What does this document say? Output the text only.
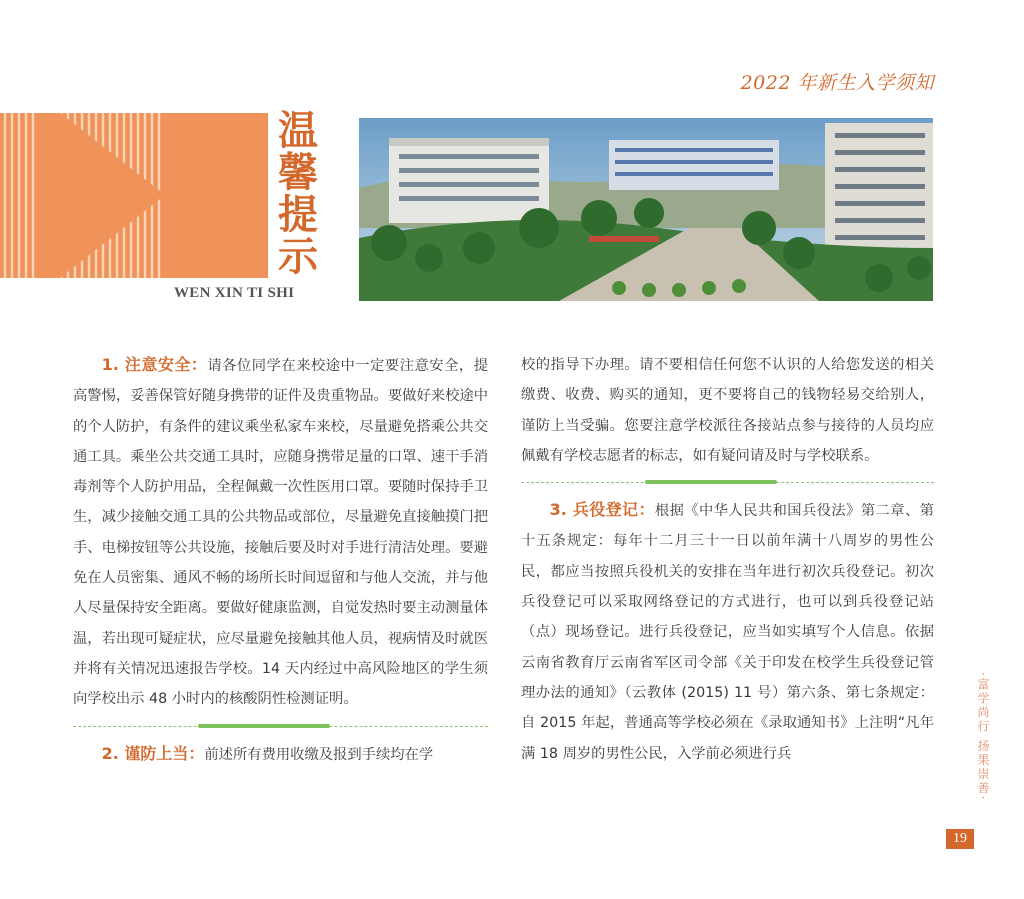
2022 年新生入学须知
温
馨
提
示
WEN XIN TI SHI

1. 注意安全：请各位同学在来校途中一定要注意安全，提高警惕，妥善保管好随身携带的证件及贵重物品。要做好来校途中的个人防护，有条件的建议乘坐私家车来校，尽量避免搭乘公共交通工具。乘坐公共交通工具时，应随身携带足量的口罩、速干手消毒剂等个人防护用品，全程佩戴一次性医用口罩。要随时保持手卫生，减少接触交通工具的公共物品或部位，尽量避免直接触摸门把手、电梯按钮等公共设施，接触后要及时对手进行清洁处理。要避免在人员密集、通风不畅的场所长时间逗留和与他人交流，并与他人尽量保持安全距离。要做好健康监测，自觉发热时要主动测量体温，若出现可疑症状，应尽量避免接触其他人员，视病情及时就医并将有关情况迅速报告学校。14 天内经过中高风险地区的学生须向学校出示 48 小时内的核酸阴性检测证明。

2. 谨防上当：前述所有费用收缴及报到手续均在学

校的指导下办理。请不要相信任何您不认识的人给您发送的相关缴费、收费、购买的通知，更不要将自己的钱物轻易交给别人，谨防上当受骗。您要注意学校派往各接站点参与接待的人员均应佩戴有学校志愿者的标志，如有疑问请及时与学校联系。

3. 兵役登记：根据《中华人民共和国兵役法》第二章、第十五条规定：每年十二月三十一日以前年满十八周岁的男性公民，都应当按照兵役机关的安排在当年进行初次兵役登记。初次兵役登记可以采取网络登记的方式进行，也可以到兵役登记站（点）现场登记。进行兵役登记，应当如实填写个人信息。依据云南省教育厅云南省军区司令部《关于印发在校学生兵役登记管理办法的通知》（云教体 (2015) 11 号）第六条、第七条规定：自 2015 年起，普通高等学校必须在《录取通知书》上注明“凡年满 18 周岁的男性公民，入学前必须进行兵	·富学尚行 扬果崇善·
19
